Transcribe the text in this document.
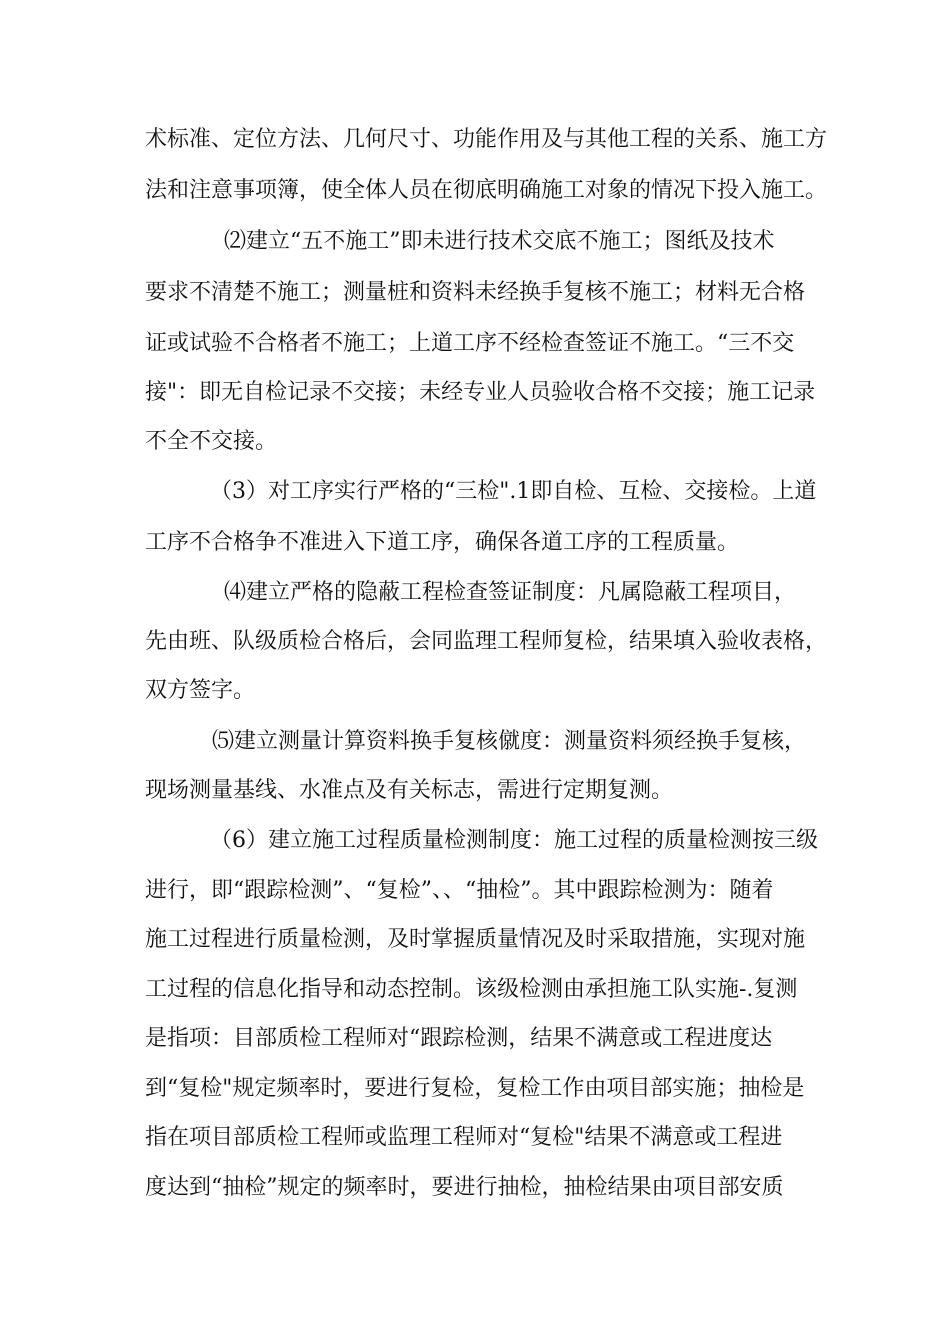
术标准、定位方法、几何尺寸、功能作用及与其他工程的关系、施工方

法和注意事项簿，使全体人员在彻底明确施工对象的情况下投入施工。

⑵建立“五不施工”即未进行技术交底不施工；图纸及技术

要求不清楚不施工；测量桩和资料未经换手复核不施工；材料无合格

证或试验不合格者不施工；上道工序不经检查签证不施工。“三不交

接"：即无自检记录不交接；未经专业人员验收合格不交接；施工记录

不全不交接。

（3）对工序实行严格的“三检".1即自检、互检、交接检。上道

工序不合格争不准进入下道工序，确保各道工序的工程质量。

⑷建立严格的隐蔽工程检查签证制度：凡属隐蔽工程项目，

先由班、队级质检合格后，会同监理工程师复检，结果填入验收表格，

双方签字。

⑸建立测量计算资料换手复核僦度：测量资料须经换手复核，

现场测量基线、水准点及有关标志，需进行定期复测。

（6）建立施工过程质量检测制度：施工过程的质量检测按三级

进行，即“跟踪检测”、“复检”、、“抽检”。其中跟踪检测为：随着

施工过程进行质量检测，及时掌握质量情况及时采取措施，实现对施

工过程的信息化指导和动态控制。该级检测由承担施工队实施-.复测

是指项：目部质检工程师对“跟踪检测，结果不满意或工程进度达

到“复检"规定频率时，要进行复检，复检工作由项目部实施；抽检是

指在项目部质检工程师或监理工程师对“复检"结果不满意或工程进

度达到“抽检”规定的频率时，要进行抽检，抽检结果由项目部安质
